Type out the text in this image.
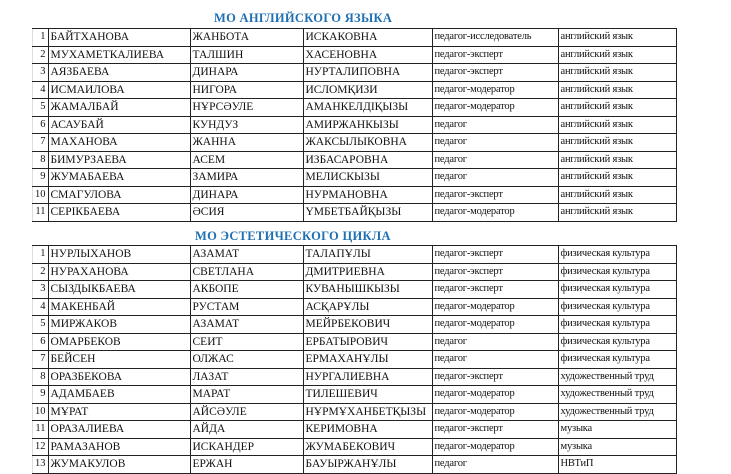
МО АНГЛИЙСКОГО ЯЗЫКА
1	БАЙТХАНОВА	ЖАНБОТА	ИСКАКОВНА	педагог-исследователь	английский язык
2	МУХАМЕТКАЛИЕВА	ТАЛШИН	ХАСЕНОВНА	педагог-эксперт	английский язык
3	АЯЗБАЕВА	ДИНАРА	НУРТАЛИПОВНА	педагог-эксперт	английский язык
4	ИСМАИЛОВА	НИГОРА	ИСЛОМҚИЗИ	педагог-модератор	английский язык
5	ЖАМАЛБАЙ	НҰРСӘУЛЕ	АМАНКЕЛДІҚЫЗЫ	педагог-модератор	английский язык
6	АСАУБАЙ	КУНДУЗ	АМИРЖАНКЫЗЫ	педагог	английский язык
7	МАХАНОВА	ЖАННА	ЖАКСЫЛЫКОВНА	педагог	английский язык
8	БИМУРЗАЕВА	АСЕМ	ИЗБАСАРОВНА	педагог	английский язык
9	ЖУМАБАЕВА	ЗАМИРА	МЕЛИСКЫЗЫ	педагог	английский язык
10	СМАГУЛОВА	ДИНАРА	НУРМАНОВНА	педагог-эксперт	английский язык
11	СЕРІКБАЕВА	ӘСИЯ	ҮМБЕТБАЙҚЫЗЫ	педагог-модератор	английский язык
МО ЭСТЕТИЧЕСКОГО ЦИКЛА
1	НУРЛЫХАНОВ	АЗАМАТ	ТАЛАПҰЛЫ	педагог-эксперт	физическая культура
2	НУРАХАНОВА	СВЕТЛАНА	ДМИТРИЕВНА	педагог-эксперт	физическая культура
3	СЫЗДЫКБАЕВА	АКБОПЕ	КУВАНЫШКЫЗЫ	педагог-эксперт	физическая культура
4	МАКЕНБАЙ	РУСТАМ	АСҚАРҰЛЫ	педагог-модератор	физическая культура
5	МИРЖАКОВ	АЗАМАТ	МЕЙРБЕКОВИЧ	педагог-модератор	физическая культура
6	ОМАРБЕКОВ	СЕИТ	ЕРБАТЫРОВИЧ	педагог	физическая культура
7	БЕЙСЕН	ОЛЖАС	ЕРМАХАНҰЛЫ	педагог	физическая культура
8	ОРАЗБЕКОВА	ЛАЗАТ	НУРГАЛИЕВНА	педагог-эксперт	художественный труд
9	АДАМБАЕВ	МАРАТ	ТИЛЕШЕВИЧ	педагог-модератор	художественный труд
10	МҰРАТ	АЙСӘУЛЕ	НҰРМҰХАНБЕТҚЫЗЫ	педагог-модератор	художественный труд
11	ОРАЗАЛИЕВА	АЙДА	КЕРИМОВНА	педагог-эксперт	музыка
12	РАМАЗАНОВ	ИСКАНДЕР	ЖУМАБЕКОВИЧ	педагог-модератор	музыка
13	ЖУМАКУЛОВ	ЕРЖАН	БАУЫРЖАНҰЛЫ	педагог	НВТиП
